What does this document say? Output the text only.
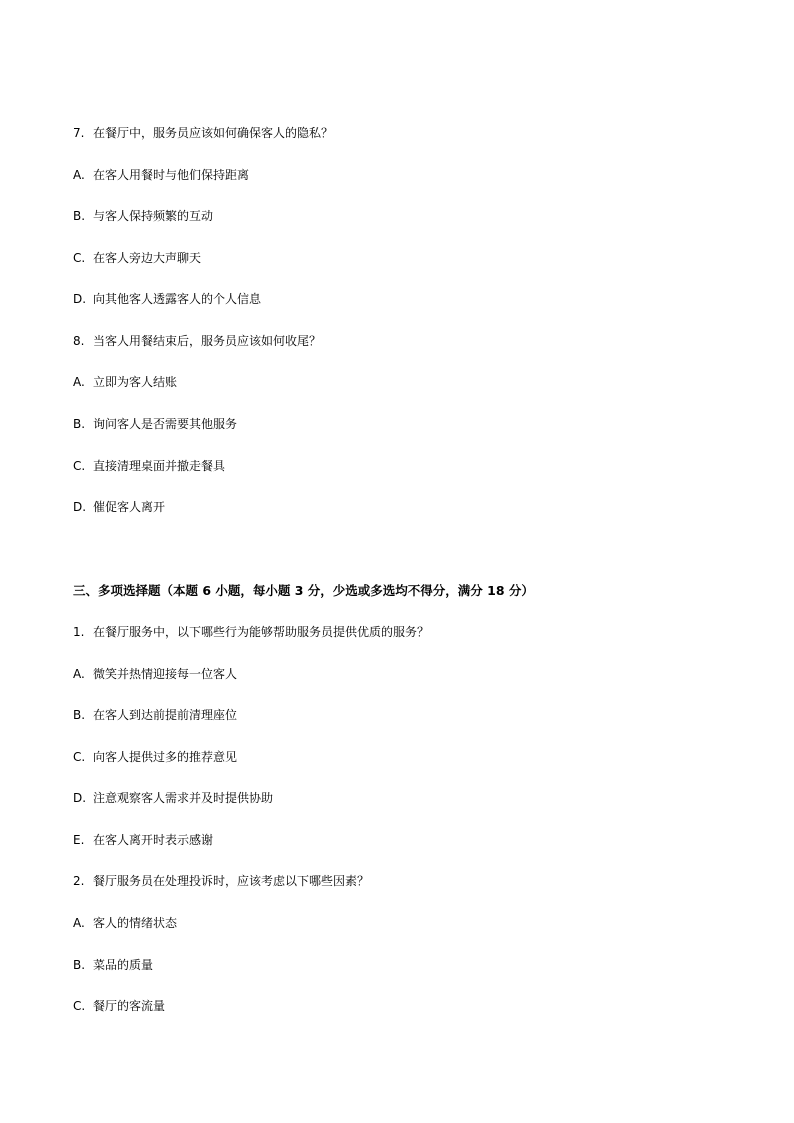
7. 在餐厅中，服务员应该如何确保客人的隐私？
A. 在客人用餐时与他们保持距离
B. 与客人保持频繁的互动
C. 在客人旁边大声聊天
D. 向其他客人透露客人的个人信息
8. 当客人用餐结束后，服务员应该如何收尾？
A. 立即为客人结账
B. 询问客人是否需要其他服务
C. 直接清理桌面并撤走餐具
D. 催促客人离开
三、多项选择题（本题 6 小题，每小题 3 分，少选或多选均不得分，满分 18 分）
1. 在餐厅服务中，以下哪些行为能够帮助服务员提供优质的服务？
A. 微笑并热情迎接每一位客人
B. 在客人到达前提前清理座位
C. 向客人提供过多的推荐意见
D. 注意观察客人需求并及时提供协助
E. 在客人离开时表示感谢
2. 餐厅服务员在处理投诉时，应该考虑以下哪些因素？
A. 客人的情绪状态
B. 菜品的质量
C. 餐厅的客流量
